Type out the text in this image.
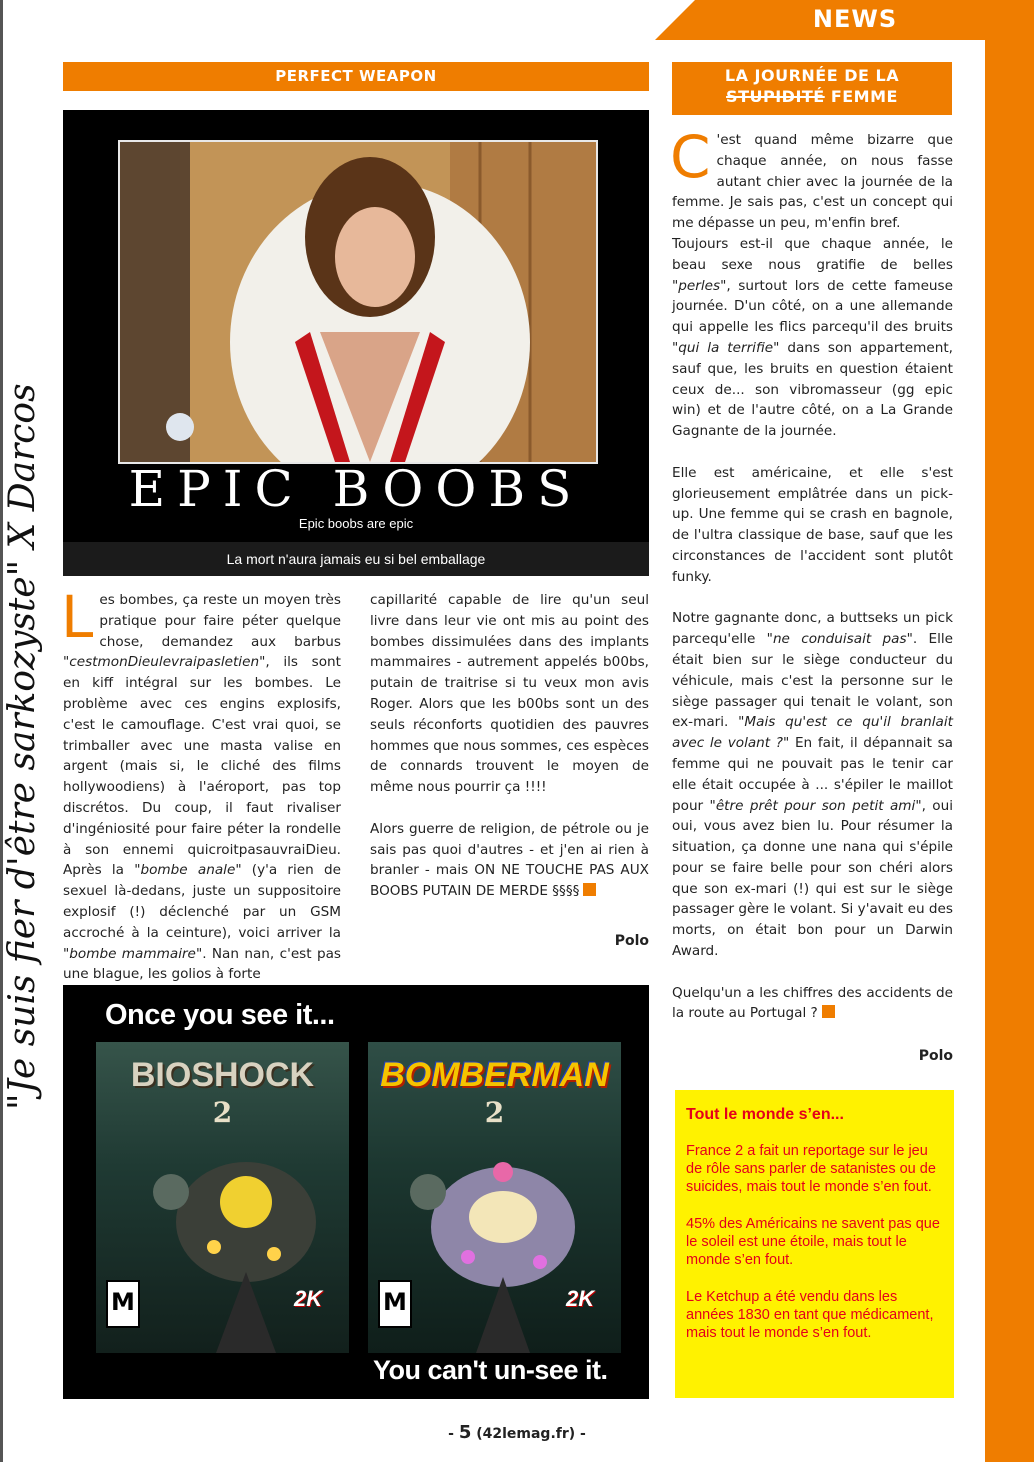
NEWS
"Je suis fier d'être sarkozyste" X Darcos
PERFECT WEAPON
EPIC BOOBS
Epic boobs are epic
La mort n'aura jamais eu si bel emballage
L es bombes, ça reste un moyen très pratique pour faire péter quelque chose, demandez aux barbus "cestmonDieulevraipasletien", ils sont en kiff intégral sur les bombes. Le problème avec ces engins explosifs, c'est le camouflage. C'est vrai quoi, se trimballer avec une masta valise en argent (mais si, le cliché des films hollywoodiens) à l'aéroport, pas top discrétos. Du coup, il faut rivaliser d'ingéniosité pour faire péter la rondelle à son ennemi quicroitpasauvraiDieu. Après la "bombe anale" (y'a rien de sexuel là-dedans, juste un suppositoire explosif (!) déclenché par un GSM accroché à la ceinture), voici arriver la "bombe mammaire". Nan nan, c'est pas une blague, les golios à forte

capillarité capable de lire qu'un seul livre dans leur vie ont mis au point des bombes dissimulées dans des implants mammaires - autrement appelés b00bs, putain de traitrise si tu veux mon avis Roger. Alors que les b00bs sont un des seuls réconforts quotidien des pauvres hommes que nous sommes, ces espèces de connards trouvent le moyen de même nous pourrir ça !!!!

Alors guerre de religion, de pétrole ou je sais pas quoi d'autres - et j'en ai rien à branler - mais ON NE TOUCHE PAS AUX BOOBS PUTAIN DE MERDE §§§§

Polo
Once you see it...
BIOSHOCK
2
M	2K
BOMBERMAN
2
M	2K
You can't un-see it.
LA JOURNÉE DE LA
STUPIDITÉ FEMME

C 'est quand même bizarre que chaque année, on nous fasse autant chier avec la journée de la femme. Je sais pas, c'est un concept qui me dépasse un peu, m'enfin bref.
Toujours est-il que chaque année, le beau sexe nous gratifie de belles "perles", surtout lors de cette fameuse journée. D'un côté, on a une allemande qui appelle les flics parcequ'il des bruits "qui la terrifie" dans son appartement, sauf que, les bruits en question étaient ceux de... son vibromasseur (gg epic win) et de l'autre côté, on a La Grande Gagnante de la journée.

Elle est américaine, et elle s'est glorieusement emplâtrée dans un pick-up. Une femme qui se crash en bagnole, de l'ultra classique de base, sauf que les circonstances de l'accident sont plutôt funky.

Notre gagnante donc, a buttseks un pick parcequ'elle "ne conduisait pas". Elle était bien sur le siège conducteur du véhicule, mais c'est la personne sur le siège passager qui tenait le volant, son ex-mari. "Mais qu'est ce qu'il branlait avec le volant ?" En fait, il dépannait sa femme qui ne pouvait pas le tenir car elle était occupée à ... s'épiler le maillot pour "être prêt pour son petit ami", oui oui, vous avez bien lu. Pour résumer la situation, ça donne une nana qui s'épile pour se faire belle pour son chéri alors que son ex-mari (!) qui est sur le siège passager gère le volant. Si y'avait eu des morts, on était bon pour un Darwin Award.

Quelqu'un a les chiffres des accidents de la route au Portugal ?

Polo
Tout le monde s’en...

France 2 a fait un reportage sur le jeu de rôle sans parler de satanistes ou de suicides, mais tout le monde s’en fout.

45% des Américains ne savent pas que le soleil est une étoile, mais tout le monde s’en fout.

Le Ketchup a été vendu dans les années 1830 en tant que médicament, mais tout le monde s’en fout.

- 5 (42lemag.fr) -
